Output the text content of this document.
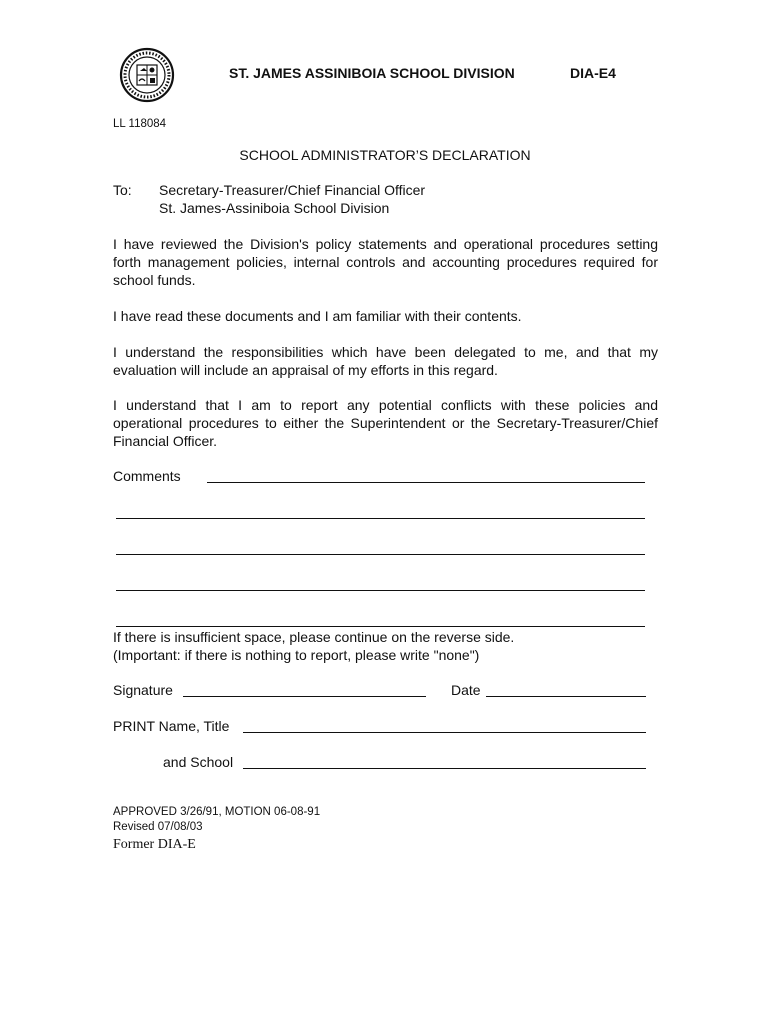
ST. JAMES ASSINIBOIA SCHOOL DIVISION	DIA-E4
LL 118084
SCHOOL ADMINISTRATOR’S DECLARATION
To: Secretary-Treasurer/Chief Financial Officer
St. James-Assiniboia School Division
I have reviewed the Division's policy statements and operational procedures setting forth management policies, internal controls and accounting procedures required for school funds.
I have read these documents and I am familiar with their contents.
I understand the responsibilities which have been delegated to me, and that my evaluation will include an appraisal of my efforts in this regard.
I understand that I am to report any potential conflicts with these policies and operational procedures to either the Superintendent or the Secretary-Treasurer/Chief Financial Officer.
Comments
If there is insufficient space, please continue on the reverse side.
(Important: if there is nothing to report, please write "none")
Signature	Date
PRINT Name, Title
and School
APPROVED 3/26/91, MOTION 06-08-91
Revised 07/08/03
Former DIA-E
